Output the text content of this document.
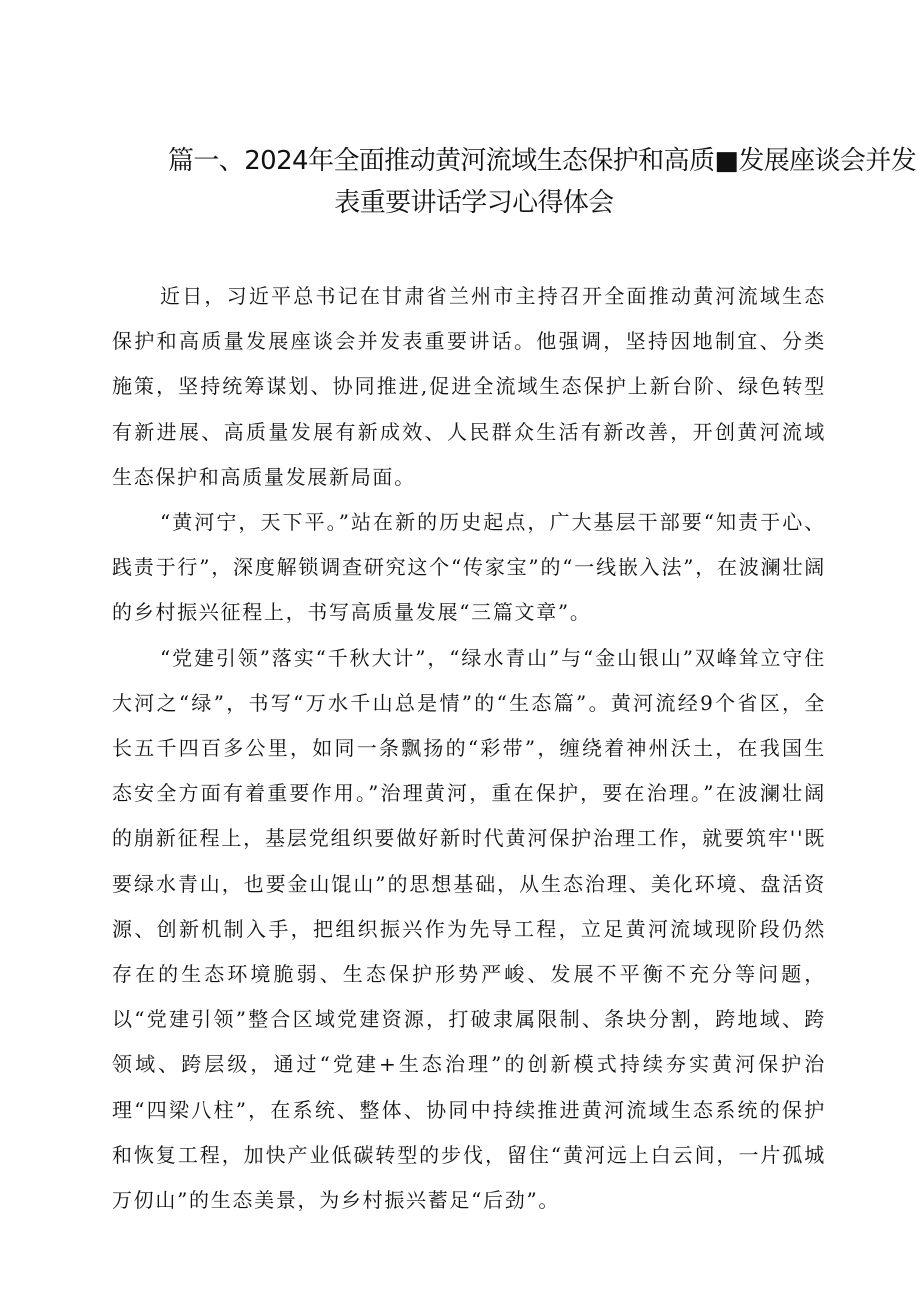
篇一、2024年全面推动黄河流域生态保护和高质■发展座谈会并发
表重要讲话学习心得体会

近日，习近平总书记在甘肃省兰州市主持召开全面推动黄河流域生态保护和高质量发展座谈会并发表重要讲话。他强调，坚持因地制宜、分类施策，坚持统筹谋划、协同推进,促进全流域生态保护上新台阶、绿色转型有新进展、高质量发展有新成效、人民群众生活有新改善，开创黄河流域生态保护和高质量发展新局面。

“黄河宁，天下平。”站在新的历史起点，广大基层干部要“知责于心、践责于行”，深度解锁调查研究这个“传家宝”的“一线嵌入法”，在波澜壮阔的乡村振兴征程上，书写高质量发展“三篇文章”。

“党建引领”落实“千秋大计”，“绿水青山”与“金山银山”双峰耸立守住大河之“绿”，书写“万水千山总是情”的“生态篇”。黄河流经9个省区，全长五千四百多公里，如同一条飘扬的“彩带”，缠绕着神州沃土，在我国生态安全方面有着重要作用。”治理黄河，重在保护，要在治理。”在波澜壮阔的崩新征程上，基层党组织要做好新时代黄河保护治理工作，就要筑牢''既要绿水青山，也要金山馄山”的思想基础，从生态治理、美化环境、盘活资源、创新机制入手，把组织振兴作为先导工程，立足黄河流域现阶段仍然存在的生态环境脆弱、生态保护形势严峻、发展不平衡不充分等问题，以“党建引领”整合区域党建资源，打破隶属限制、条块分割，跨地域、跨领域、跨层级，通过“党建+生态治理”的创新模式持续夯实黄河保护治理“四梁八柱”，在系统、整体、协同中持续推进黄河流域生态系统的保护和恢复工程，加快产业低碳转型的步伐，留住“黄河远上白云间，一片孤城万仞山”的生态美景，为乡村振兴蓄足“后劲”。
